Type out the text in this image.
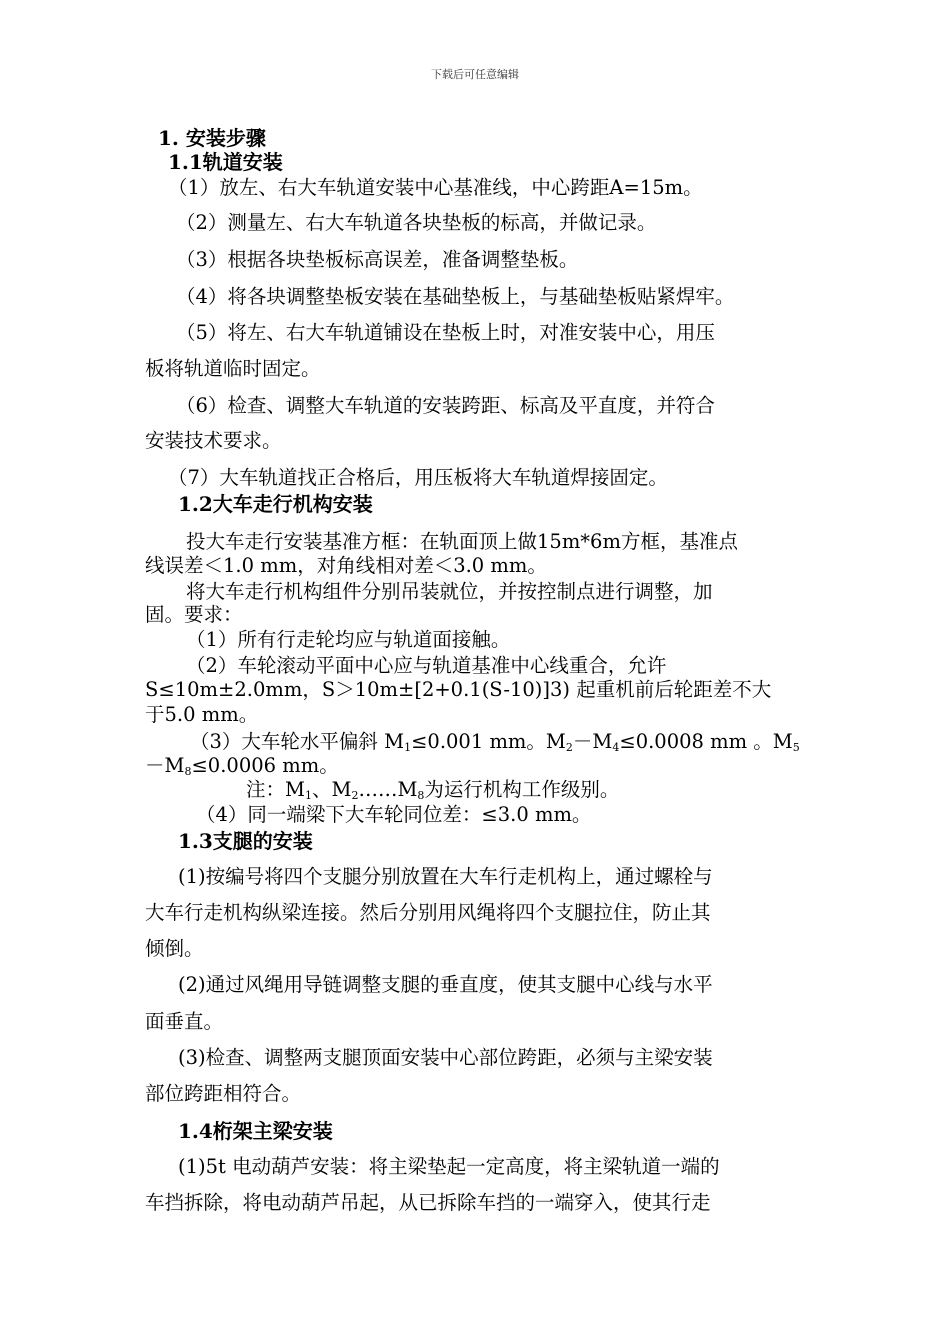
下载后可任意编辑
1. 安装步骤
1.1轨道安装
（1）放左、右大车轨道安装中心基准线，中心跨距A=15m。
（2）测量左、右大车轨道各块垫板的标高，并做记录。
（3）根据各块垫板标高误差，准备调整垫板。
（4）将各块调整垫板安装在基础垫板上，与基础垫板贴紧焊牢。
（5）将左、右大车轨道铺设在垫板上时，对准安装中心，用压
板将轨道临时固定。
（6）检查、调整大车轨道的安装跨距、标高及平直度，并符合
安装技术要求。
（7）大车轨道找正合格后，用压板将大车轨道焊接固定。
1.2大车走行机构安装
投大车走行安装基准方框：在轨面顶上做15m*6m方框，基准点
线误差＜1.0 mm，对角线相对差＜3.0 mm。
将大车走行机构组件分别吊装就位，并按控制点进行调整，加
固。要求：
（1）所有行走轮均应与轨道面接触。
（2）车轮滚动平面中心应与轨道基准中心线重合，允许
S≤10m±2.0mm，S＞10m±[2+0.1(S-10)]3) 起重机前后轮距差不大
于5.0 mm。
（3）大车轮水平偏斜 $M_1\le 0.001$ mm。$M_2-M_4\le 0.0008$ mm 。$M_5$
$-M_8\le 0.0006$ mm。
注：$M_1$、$M_2\dots\dots M_8$为运行机构工作级别。
（4）同一端梁下大车轮同位差：≤3.0 mm。
1.3支腿的安装
(1)按编号将四个支腿分别放置在大车行走机构上，通过螺栓与
大车行走机构纵梁连接。然后分别用风绳将四个支腿拉住，防止其
倾倒。
(2)通过风绳用导链调整支腿的垂直度，使其支腿中心线与水平
面垂直。
(3)检查、调整两支腿顶面安装中心部位跨距，必须与主梁安装
部位跨距相符合。
1.4桁架主梁安装
(1)5t 电动葫芦安装：将主梁垫起一定高度，将主梁轨道一端的
车挡拆除，将电动葫芦吊起，从已拆除车挡的一端穿入，使其行走
